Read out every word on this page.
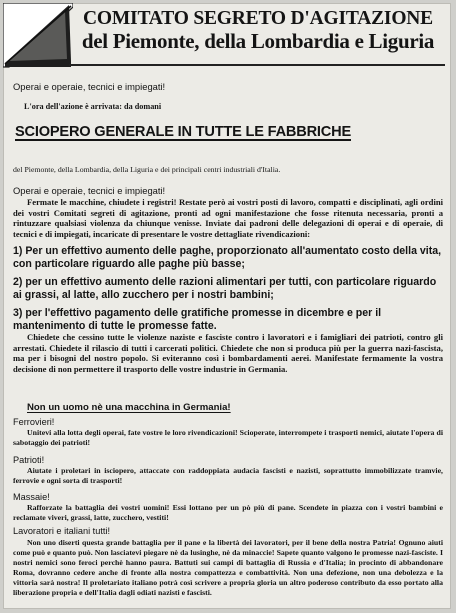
COMITATO SEGRETO D'AGITAZIONE
del Piemonte, della Lombardia e Liguria
Operai e operaie, tecnici e impiegati!
L'ora dell'azione è arrivata: da domani
SCIOPERO GENERALE IN TUTTE LE FABBRICHE
del Piemonte, della Lombardia, della Liguria e dei principali centri industriali d'Italia.
Operai e operaie, tecnici e impiegati!
Fermate le macchine, chiudete i registri! Restate però ai vostri posti di lavoro, compatti e disciplinati, agli ordini dei vostri Comitati segreti di agitazione, pronti ad ogni manifestazione che fosse ritenuta necessaria, pronti a rintuzzare qualsiasi violenza da chiunque venisse. Inviate dai padroni delle delegazioni di operai e di operaie, di tecnici e di impiegati, incaricate di presentare le vostre dettagliate rivendicazioni:
1) Per un effettivo aumento delle paghe, proporzionato all'aumentato costo della vita, con particolare riguardo alle paghe più basse;
2) per un effettivo aumento delle razioni alimentari per tutti, con particolare riguardo ai grassi, al latte, allo zucchero per i nostri bambini;
3) per l'effettivo pagamento delle gratifiche promesse in dicembre e per il mantenimento di tutte le promesse fatte.
Chiedete che cessino tutte le violenze naziste e fasciste contro i lavoratori e i famigliari dei patrioti, contro gli arrestati. Chiedete il rilascio di tutti i carcerati politici. Chiedete che non si produca più per la guerra nazi-fascista, ma per i bisogni del nostro popolo. Si eviteranno così i bombardamenti aerei. Manifestate fermamente la vostra decisione di non permettere il trasporto delle vostre industrie in Germania.
Non un uomo nè una macchina in Germania!
Ferrovieri!
Unitevi alla lotta degli operai, fate vostre le loro rivendicazioni! Scioperate, interrompete i trasporti nemici, aiutate l'opera di sabotaggio dei patrioti!
Patrioti!
Aiutate i proletari in isciopero, attaccate con raddoppiata audacia fascisti e nazisti, soprattutto immobilizzate tramvie, ferrovie e ogni sorta di trasporti!
Massaie!
Rafforzate la battaglia dei vostri uomini! Essi lottano per un pò più di pane. Scendete in piazza con i vostri bambini e reclamate viveri, grassi, latte, zucchero, vestiti!
Lavoratori e italiani tutti!
Non uno diserti questa grande battaglia per il pane e la libertà dei lavoratori, per il bene della nostra Patria! Ognuno aiuti come può e quanto può. Non lasciatevi piegare nè da lusinghe, nè da minaccie! Sapete quanto valgono le promesse nazi-fasciste. I nostri nemici sono feroci perchè hanno paura. Battuti sui campi di battaglia di Russia e d'Italia; in procinto di abbandonare Roma, dovranno cedere anche di fronte alla nostra compattezza e combattività. Non una defezione, non una debolezza e la vittoria sarà nostra! Il proletariato italiano potrà così scrivere a propria gloria un altro poderoso contributo da esso portato alla liberazione propria e dell'Italia dagli odiati nazisti e fascisti.
